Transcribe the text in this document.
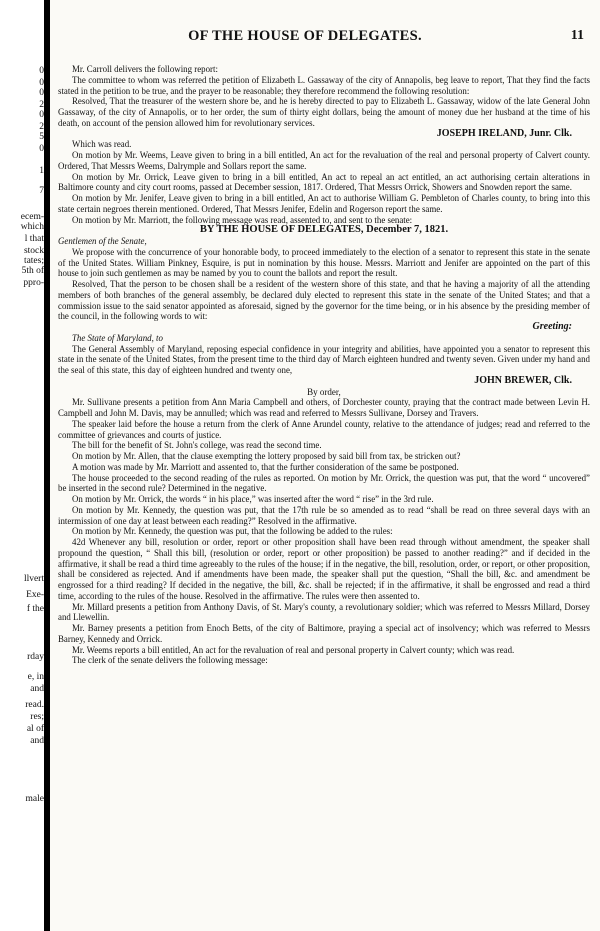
0
0
0
2
0
2
5
0
1
7
ecem-
which
l that
stock
tates;
5th of
ppro-
llvert
Exe-
f the
rday
e, in
and
read.
res;
al of
and
male
OF THE HOUSE OF DELEGATES.	11

Mr. Carroll delivers the following report:

The committee to whom was referred the petition of Elizabeth L. Gassaway of the city of Annapolis, beg leave to report, That they find the facts stated in the petition to be true, and the prayer to be reasonable; they therefore recommend the following resolution:

Resolved, That the treasurer of the western shore be, and he is hereby directed to pay to Elizabeth L. Gassaway, widow of the late General John Gassaway, of the city of Annapolis, or to her order, the sum of thirty eight dollars, being the amount of money due her husband at the time of his death, on account of the pension allowed him for revolutionary services.

JOSEPH IRELAND, Junr. Clk.

Which was read.

On motion by Mr. Weems, Leave given to bring in a bill entitled, An act for the revaluation of the real and personal property of Calvert county. Ordered, That Messrs Weems, Dalrymple and Sollars report the same.

On motion by Mr. Orrick, Leave given to bring in a bill entitled, An act to repeal an act entitled, an act authorising certain alterations in Baltimore county and city court rooms, passed at December session, 1817. Ordered, That Messrs Orrick, Showers and Snowden report the same.

On motion by Mr. Jenifer, Leave given to bring in a bill entitled, An act to authorise William G. Pembleton of Charles county, to bring into this state certain negroes therein mentioned. Ordered, That Messrs Jenifer, Edelin and Rogerson report the same.

On motion by Mr. Marriott, the following message was read, assented to, and sent to the senate:

BY THE HOUSE OF DELEGATES, December 7, 1821.

Gentlemen of the Senate,

We propose with the concurrence of your honorable body, to proceed immediately to the election of a senator to represent this state in the senate of the United States. William Pinkney, Esquire, is put in nomination by this house. Messrs. Marriott and Jenifer are appointed on the part of this house to join such gentlemen as may be named by you to count the ballots and report the result.

Resolved, That the person to be chosen shall be a resident of the western shore of this state, and that he having a majority of all the attending members of both branches of the general assembly, be declared duly elected to represent this state in the senate of the United States; and that a commission issue to the said senator appointed as aforesaid, signed by the governor for the time being, or in his absence by the presiding member of the council, in the following words to wit:

Greeting:

The State of Maryland, to

The General Assembly of Maryland, reposing especial confidence in your integrity and abilities, have appointed you a senator to represent this state in the senate of the United States, from the present time to the third day of March eighteen hundred and twenty seven. Given under my hand and the seal of this state, this day of eighteen hundred and twenty one,

JOHN BREWER, Clk.

By order,

Mr. Sullivane presents a petition from Ann Maria Campbell and others, of Dorchester county, praying that the contract made between Levin H. Campbell and John M. Davis, may be annulled; which was read and referred to Messrs Sullivane, Dorsey and Travers.

The speaker laid before the house a return from the clerk of Anne Arundel county, relative to the attendance of judges; read and referred to the committee of grievances and courts of justice.

The bill for the benefit of St. John's college, was read the second time.

On motion by Mr. Allen, that the clause exempting the lottery proposed by said bill from tax, be stricken out?

A motion was made by Mr. Marriott and assented to, that the further consideration of the same be postponed.

The house proceeded to the second reading of the rules as reported. On motion by Mr. Orrick, the question was put, that the word “ uncovered” be inserted in the second rule? Determined in the negative.

On motion by Mr. Orrick, the words “ in his place,” was inserted after the word “ rise” in the 3rd rule.

On motion by Mr. Kennedy, the question was put, that the 17th rule be so amended as to read “shall be read on three several days with an intermission of one day at least between each reading?” Resolved in the affirmative.

On motion by Mr. Kennedy, the question was put, that the following be added to the rules:

42d Whenever any bill, resolution or order, report or other proposition shall have been read through without amendment, the speaker shall propound the question, “ Shall this bill, (resolution or order, report or other proposition) be passed to another reading?” and if decided in the affirmative, it shall be read a third time agreeably to the rules of the house; if in the negative, the bill, resolution, order, or report, or other proposition, shall be considered as rejected. And if amendments have been made, the speaker shall put the question, “Shall the bill, &c. and amendment be engrossed for a third reading? If decided in the negative, the bill, &c. shall be rejected; if in the affirmative, it shall be engrossed and read a third time, according to the rules of the house. Resolved in the affirmative. The rules were then assented to.

Mr. Millard presents a petition from Anthony Davis, of St. Mary's county, a revolutionary soldier; which was referred to Messrs Millard, Dorsey and Llewellin.

Mr. Barney presents a petition from Enoch Betts, of the city of Baltimore, praying a special act of insolvency; which was referred to Messrs Barney, Kennedy and Orrick.

Mr. Weems reports a bill entitled, An act for the revaluation of real and personal property in Calvert county; which was read.

The clerk of the senate delivers the following message:
